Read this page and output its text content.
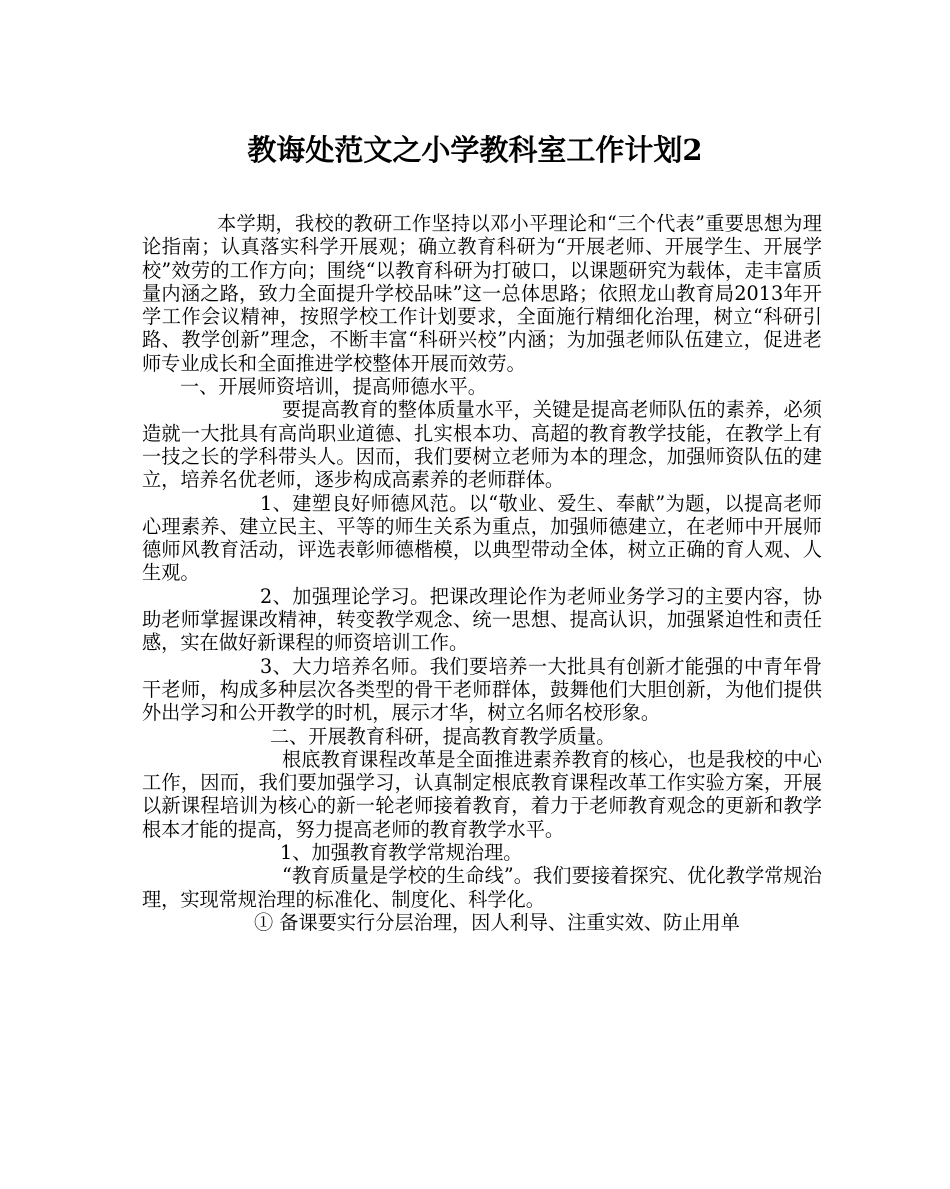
教诲处范文之小学教科室工作计划2

本学期，我校的教研工作坚持以邓小平理论和“三个代表”重要思想为理论指南；认真落实科学开展观；确立教育科研为“开展老师、开展学生、开展学校”效劳的工作方向；围绕“以教育科研为打破口，以课题研究为载体，走丰富质量内涵之路，致力全面提升学校品味”这一总体思路；依照龙山教育局2013年开学工作会议精神，按照学校工作计划要求，全面施行精细化治理，树立“科研引路、教学创新”理念，不断丰富“科研兴校”内涵；为加强老师队伍建立，促进老师专业成长和全面推进学校整体开展而效劳。

一、开展师资培训，提高师德水平。

要提高教育的整体质量水平，关键是提高老师队伍的素养，必须造就一大批具有高尚职业道德、扎实根本功、高超的教育教学技能，在教学上有一技之长的学科带头人。因而，我们要树立老师为本的理念，加强师资队伍的建立，培养名优老师，逐步构成高素养的老师群体。

1、建塑良好师德风范。以“敬业、爱生、奉献”为题，以提高老师心理素养、建立民主、平等的师生关系为重点，加强师德建立，在老师中开展师德师风教育活动，评选表彰师德楷模，以典型带动全体，树立正确的育人观、人生观。

2、加强理论学习。把课改理论作为老师业务学习的主要内容，协助老师掌握课改精神，转变教学观念、统一思想、提高认识，加强紧迫性和责任感，实在做好新课程的师资培训工作。

3、大力培养名师。我们要培养一大批具有创新才能强的中青年骨干老师，构成多种层次各类型的骨干老师群体，鼓舞他们大胆创新，为他们提供外出学习和公开教学的时机，展示才华，树立名师名校形象。

二、开展教育科研，提高教育教学质量。

根底教育课程改革是全面推进素养教育的核心，也是我校的中心工作，因而，我们要加强学习，认真制定根底教育课程改革工作实验方案，开展以新课程培训为核心的新一轮老师接着教育，着力于老师教育观念的更新和教学根本才能的提高，努力提高老师的教育教学水平。

1、加强教育教学常规治理。

“教育质量是学校的生命线”。我们要接着探究、优化教学常规治理，实现常规治理的标准化、制度化、科学化。

① 备课要实行分层治理，因人利导、注重实效、防止用单
